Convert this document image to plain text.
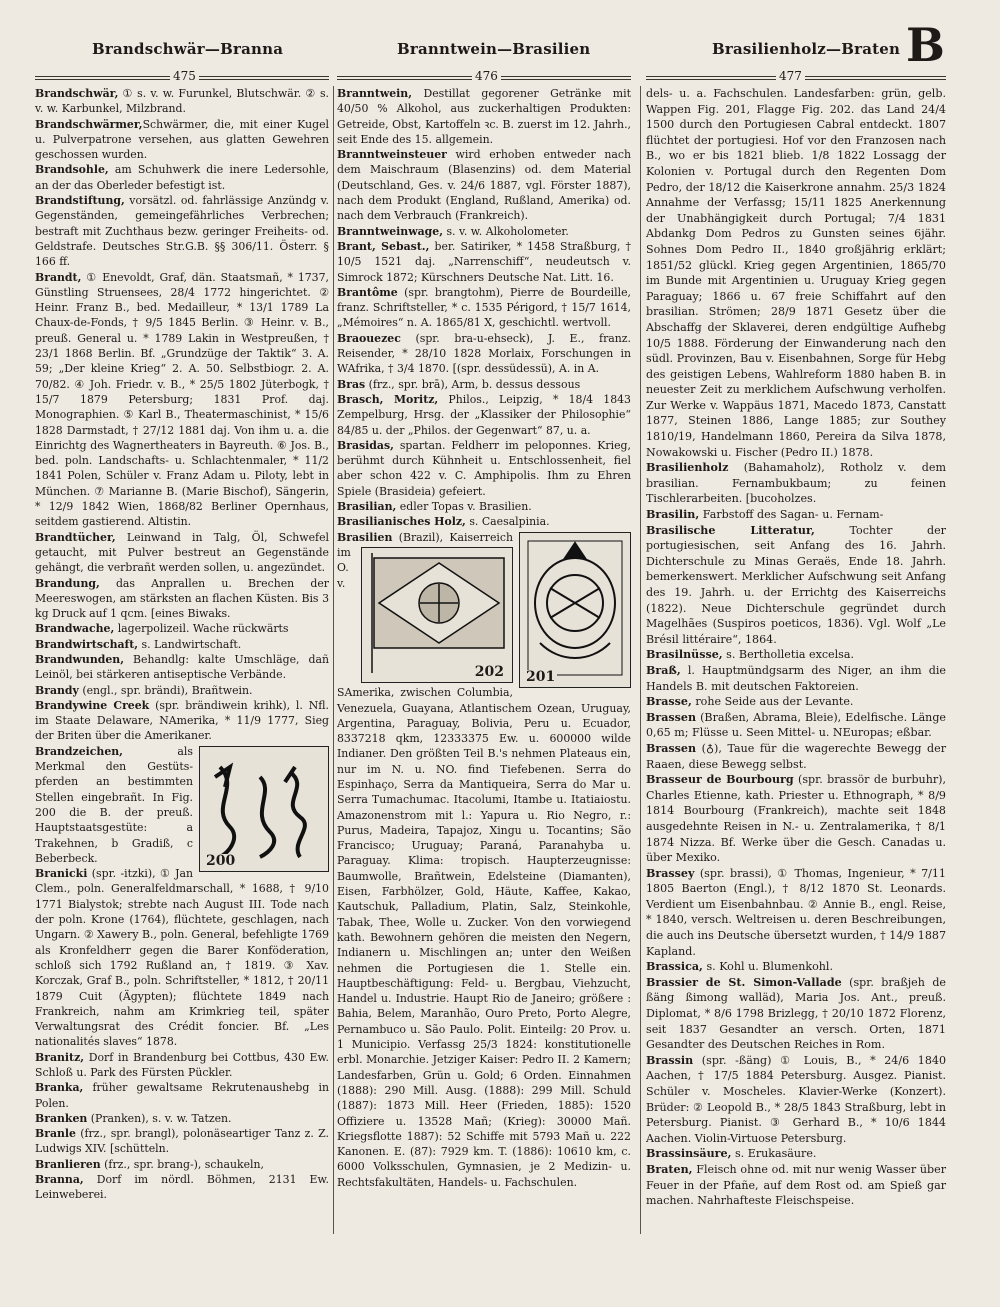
Brandschwär—Branna	Branntwein—Brasilien	Brasilienholz—Braten B
475	476	477

Brandschwär, ① s. v. w. Furunkel, Blutschwär. ② s. v. w. Karbunkel, Milzbrand.

Brandschwärmer,Schwärmer, die, mit einer Kugel u. Pulverpatrone versehen, aus glatten Gewehren geschossen wurden.

Brandsohle, am Schuhwerk die inere Ledersohle, an der das Oberleder befestigt ist.

Brandstiftung, vorsätzl. od. fahrlässige Anzündg v. Gegenständen, gemeingefährliches Verbrechen; bestraft mit Zuchthaus bezw. geringer Freiheits- od. Geldstrafe. Deutsches Str.G.B. §§ 306/11. Österr. § 166 ff.

Brandt, ① Enevoldt, Graf, dän. Staatsmañ, * 1737, Günstling Struensees, 28/4 1772 hingerichtet. ② Heinr. Franz B., bed. Medailleur, * 13/1 1789 La Chaux-de-Fonds, † 9/5 1845 Berlin. ③ Heinr. v. B., preuß. General u. * 1789 Lakin in Westpreußen, † 23/1 1868 Berlin. Bf. „Grundzüge der Taktik“ 3. A. 59; „Der kleine Krieg“ 2. A. 50. Selbstbiogr. 2. A. 70/82. ④ Joh. Friedr. v. B., * 25/5 1802 Jüterbogk, † 15/7 1879 Petersburg; 1831 Prof. daj. Monographien. ⑤ Karl B., Theatermaschinist, * 15/6 1828 Darmstadt, † 27/12 1881 daj. Von ihm u. a. die Einrichtg des Wagnertheaters in Bayreuth. ⑥ Jos. B., bed. poln. Landschafts- u. Schlachtenmaler, * 11/2 1841 Polen, Schüler v. Franz Adam u. Piloty, lebt in München. ⑦ Marianne B. (Marie Bischof), Sängerin, * 12/9 1842 Wien, 1868/82 Berliner Opernhaus, seitdem gastierend. Altistin.

Brandtücher, Leinwand in Talg, Öl, Schwefel getaucht, mit Pulver bestreut an Gegenstände gehängt, die verbrañt werden sollen, u. angezündet.

Brandung, das Anprallen u. Brechen der Meereswogen, am stärksten an flachen Küsten. Bis 3 kg Druck auf 1 qcm. [eines Biwaks.

Brandwache, lagerpolizeil. Wache rückwärts

Brandwirtschaft, s. Landwirtschaft.

Brandwunden, Behandlg: kalte Umschläge, dañ Leinöl, bei stärkeren antiseptische Verbände.

Brandy (engl., spr. brändi), Brañtwein.

Brandywine Creek (spr. brändiwein krihk), l. Nfl. im Staate Delaware, NAmerika, * 11/9 1777, Sieg der Briten über die Amerikaner.

200
Brandzeichen, als Merkmal den Gestüts-pferden an bestimmten Stellen eingebrañt. In Fig. 200 die B. der preuß. Hauptstaatsgestüte: a Trakehnen, b Gradiß, c Beberbeck.

Branicki (spr. -itzki), ① Jan Clem., poln. Generalfeldmarschall, * 1688, † 9/10 1771 Bialystok; strebte nach August III. Tode nach der poln. Krone (1764), flüchtete, geschlagen, nach Ungarn. ② Xawery B., poln. General, befehligte 1769 als Kronfeldherr gegen die Barer Konföderation, schloß sich 1792 Rußland an, † 1819. ③ Xav. Korczak, Graf B., poln. Schriftsteller, * 1812, † 20/11 1879 Cuit (Ägypten); flüchtete 1849 nach Frankreich, nahm am Krimkrieg teil, später Verwaltungsrat des Crédit foncier. Bf. „Les nationalités slaves“ 1878.

Branitz, Dorf in Brandenburg bei Cottbus, 430 Ew. Schloß u. Park des Fürsten Pückler.

Branka, früher gewaltsame Rekrutenaushebg in Polen.

Branken (Pranken), s. v. w. Tatzen.

Branle (frz., spr. brangl), polonäseartiger Tanz z. Z. Ludwigs XIV. [schütteln.

Branlieren (frz., spr. brang-), schaukeln,

Branna, Dorf im nördl. Böhmen, 2131 Ew. Leinweberei.

Branntwein, Destillat gegorener Getränke mit 40/50 % Alkohol, aus zuckerhaltigen Produkten: Getreide, Obst, Kartoffeln ꝛc. B. zuerst im 12. Jahrh., seit Ende des 15. allgemein.

Branntweinsteuer wird erhoben entweder nach dem Maischraum (Blasenzins) od. dem Material (Deutschland, Ges. v. 24/6 1887, vgl. Förster 1887), nach dem Produkt (England, Rußland, Amerika) od. nach dem Verbrauch (Frankreich).

Branntweinwage, s. v. w. Alkoholometer.

Brant, Sebast., ber. Satiriker, * 1458 Straßburg, † 10/5 1521 daj. „Narrenschiff“, neudeutsch v. Simrock 1872; Kürschners Deutsche Nat. Litt. 16.

Brantôme (spr. brangtohm), Pierre de Bourdeille, franz. Schriftsteller, * c. 1535 Périgord, † 15/7 1614, „Mémoires“ n. A. 1865/81 X, geschichtl. wertvoll.

Braouezec (spr. bra-u-ehseck), J. E., franz. Reisender, * 28/10 1828 Morlaix, Forschungen in WAfrika, † 3/4 1870. [(spr. dessüdessü), A. in A.

Bras (frz., spr. brā), Arm, b. dessus dessous

Brasch, Moritz, Philos., Leipzig, * 18/4 1843 Zempelburg, Hrsg. der „Klassiker der Philosophie“ 84/85 u. der „Philos. der Gegenwart“ 87, u. a.

Brasidas, spartan. Feldherr im peloponnes. Krieg, berühmt durch Kühnheit u. Entschlossenheit, fiel aber schon 422 v. C. Amphipolis. Ihm zu Ehren Spiele (Brasideia) gefeiert.

Brasilian, edler Topas v. Brasilien.

Brasilianisches Holz, s. Caesalpinia.

201
Brasilien
202
(Brazil), Kaiserreich im O. v. SAmerika, zwischen Columbia, Venezuela, Guayana, Atlantischem Ozean, Uruguay, Argentina, Paraguay, Bolivia, Peru u. Ecuador, 8337218 qkm, 12333375 Ew. u. 600000 wilde Indianer. Den größten Teil B.'s nehmen Plateaus ein, nur im N. u. NO. find Tiefebenen. Serra do Espinhaço, Serra da Mantiqueira, Serra do Mar u. Serra Tumachumac. Itacolumi, Itambe u. Itatiaiostu. Amazonenstrom mit l.: Yapura u. Rio Negro, r.: Purus, Madeira, Tapajoz, Xingu u. Tocantins; São Francisco; Uruguay; Paraná, Paranahyba u. Paraguay. Klima: tropisch. Haupterzeugnisse: Baumwolle, Brañtwein, Edelsteine (Diamanten), Eisen, Farbhölzer, Gold, Häute, Kaffee, Kakao, Kautschuk, Palladium, Platin, Salz, Steinkohle, Tabak, Thee, Wolle u. Zucker. Von den vorwiegend kath. Bewohnern gehören die meisten den Negern, Indianern u. Mischlingen an; unter den Weißen nehmen die Portugiesen die 1. Stelle ein. Hauptbeschäftigung: Feld- u. Bergbau, Viehzucht, Handel u. Industrie. Haupt Rio de Janeiro; größere : Bahia, Belem, Maranhão, Ouro Preto, Porto Alegre, Pernambuco u. São Paulo. Polit. Einteilg: 20 Prov. u. 1 Municipio. Verfassg 25/3 1824: konstitutionelle erbl. Monarchie. Jetziger Kaiser: Pedro II. 2 Kamern; Landesfarben, Grün u. Gold; 6 Orden. Einnahmen (1888): 290 Mill. Ausg. (1888): 299 Mill. Schuld (1887): 1873 Mill. Heer (Frieden, 1885): 1520 Offiziere u. 13528 Mañ; (Krieg): 30000 Mañ. Kriegsflotte 1887): 52 Schiffe mit 5793 Mañ u. 222 Kanonen. E. (87): 7929 km. T. (1886): 10610 km, c. 6000 Volksschulen, Gymnasien, je 2 Medizin- u. Rechtsfakultäten, Handels- u. Fachschulen.

dels- u. a. Fachschulen. Landesfarben: grün, gelb. Wappen Fig. 201, Flagge Fig. 202. das Land 24/4 1500 durch den Portugiesen Cabral entdeckt. 1807 flüchtet der portugiesi. Hof vor den Franzosen nach B., wo er bis 1821 blieb. 1/8 1822 Lossagg der Kolonien v. Portugal durch den Regenten Dom Pedro, der 18/12 die Kaiserkrone annahm. 25/3 1824 Annahme der Verfassg; 15/11 1825 Anerkennung der Unabhängigkeit durch Portugal; 7/4 1831 Abdankg Dom Pedros zu Gunsten seines 6jähr. Sohnes Dom Pedro II., 1840 großjährig erklärt; 1851/52 glückl. Krieg gegen Argentinien, 1865/70 im Bunde mit Argentinien u. Uruguay Krieg gegen Paraguay; 1866 u. 67 freie Schiffahrt auf den brasilian. Strömen; 28/9 1871 Gesetz über die Abschaffg der Sklaverei, deren endgültige Aufhebg 10/5 1888. Förderung der Einwanderung nach den südl. Provinzen, Bau v. Eisenbahnen, Sorge für Hebg des geistigen Lebens, Wahlreform 1880 haben B. in neuester Zeit zu merklichem Aufschwung verholfen. Zur Werke v. Wappäus 1871, Macedo 1873, Canstatt 1877, Steinen 1886, Lange 1885; zur Southey 1810/19, Handelmann 1860, Pereira da Silva 1878, Nowakowski u. Fischer (Pedro II.) 1878.

Brasilienholz (Bahamaholz), Rotholz v. dem brasilian. Fernambukbaum; zu feinen Tischlerarbeiten. [bucoholzes.

Brasilin, Farbstoff des Sagan- u. Fernam-

Brasilische Litteratur, Tochter der portugiesischen, seit Anfang des 16. Jahrh. Dichterschule zu Minas Geraës, Ende 18. Jahrh. bemerkenswert. Merklicher Aufschwung seit Anfang des 19. Jahrh. u. der Errichtg des Kaiserreichs (1822). Neue Dichterschule gegründet durch Magelhães (Suspiros poeticos, 1836). Vgl. Wolf „Le Brésil littéraire“, 1864.

Brasilnüsse, s. Bertholletia excelsa.

Braß, l. Hauptmündgsarm des Niger, an ihm die Handels B. mit deutschen Faktoreien.

Brasse, rohe Seide aus der Levante.

Brassen (Braßen, Abrama, Bleie), Edelfische. Länge 0,65 m; Flüsse u. Seen Mittel- u. NEuropas; eßbar.

Brassen (♁), Taue für die wagerechte Bewegg der Raaen, diese Bewegg selbst.

Brasseur de Bourbourg (spr. brassör de burbuhr), Charles Etienne, kath. Priester u. Ethnograph, * 8/9 1814 Bourbourg (Frankreich), machte seit 1848 ausgedehnte Reisen in N.- u. Zentralamerika, † 8/1 1874 Nizza. Bf. Werke über die Gesch. Canadas u. über Mexiko.

Brassey (spr. brassi), ① Thomas, Ingenieur, * 7/11 1805 Baerton (Engl.), † 8/12 1870 St. Leonards. Verdient um Eisenbahnbau. ② Annie B., engl. Reise, * 1840, versch. Weltreisen u. deren Beschreibungen, die auch ins Deutsche übersetzt wurden, † 14/9 1887 Kapland.

Brassica, s. Kohl u. Blumenkohl.

Brassier de St. Simon-Vallade (spr. braßjeh de ßäng ßimong walläd), Maria Jos. Ant., preuß. Diplomat, * 8/6 1798 Brizlegg, † 20/10 1872 Florenz, seit 1837 Gesandter an versch. Orten, 1871 Gesandter des Deutschen Reiches in Rom.

Brassin (spr. -ßäng) ① Louis, B., * 24/6 1840 Aachen, † 17/5 1884 Petersburg. Ausgez. Pianist. Schüler v. Moscheles. Klavier-Werke (Konzert). Brüder: ② Leopold B., * 28/5 1843 Straßburg, lebt in Petersburg. Pianist. ③ Gerhard B., * 10/6 1844 Aachen. Violin-Virtuose Petersburg.

Brassinsäure, s. Erukasäure.

Braten, Fleisch ohne od. mit nur wenig Wasser über Feuer in der Pfañe, auf dem Rost od. am Spieß gar machen. Nahrhafteste Fleischspeise.
